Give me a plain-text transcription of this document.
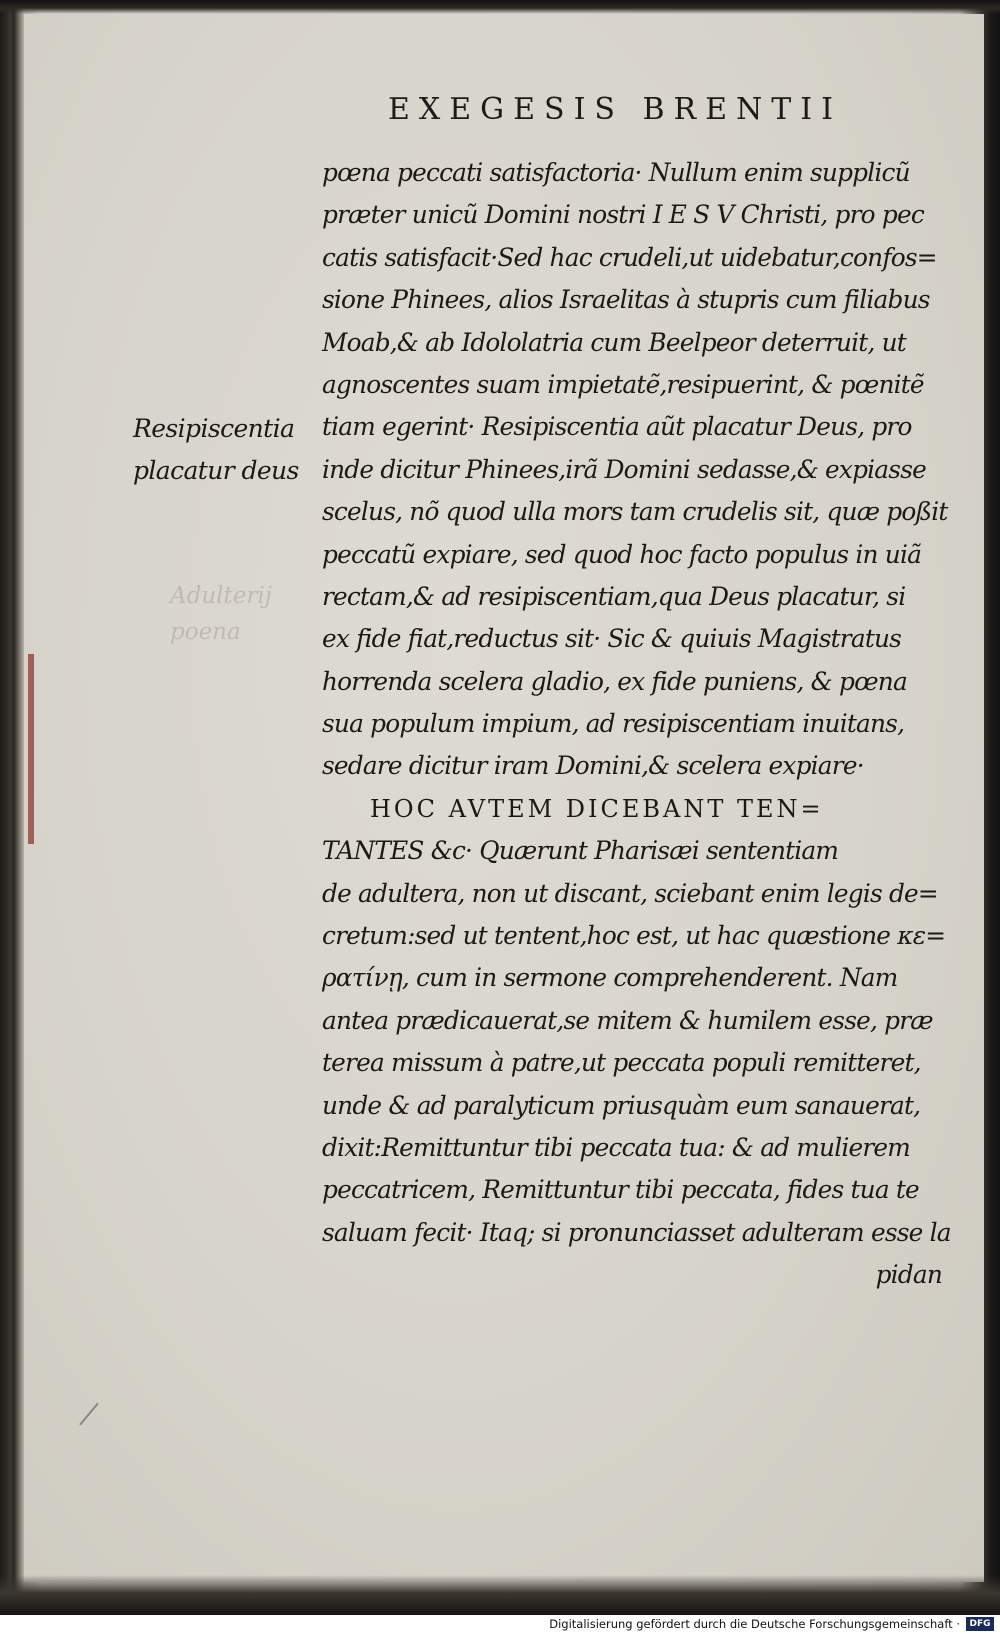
EXEGESIS BRENTII
Resipiscentia
placatur deus
Adulterij
poena
pœna peccati satisfactoria· Nullum enim supplicũ
præter unicũ Domini nostri I E S V Christi, pro pec
catis satisfacit·Sed hac crudeli,ut uidebatur,confos=
sione Phinees, alios Israelitas à stupris cum filiabus
Moab,& ab Idololatria cum Beelpeor deterruit, ut
agnoscentes suam impietatẽ,resipuerint, & pœnitẽ
tiam egerint· Resipiscentia aũt placatur Deus, pro
inde dicitur Phinees,irã Domini sedasse,& expiasse
scelus, nõ quod ulla mors tam crudelis sit, quæ poßit
peccatũ expiare, sed quod hoc facto populus in uiã
rectam,& ad resipiscentiam,qua Deus placatur, si
ex fide fiat,reductus sit· Sic & quiuis Magistratus
horrenda scelera gladio, ex fide puniens, & pœna
sua populum impium, ad resipiscentiam inuitans,
sedare dicitur iram Domini,& scelera expiare·
HOC AVTEM DICEBANT TEN=
TANTES &c· Quærunt Pharisæi sententiam
de adultera, non ut discant, sciebant enim legis de=
cretum:sed ut tentent,hoc est, ut hac quæstione κε=
ρατίνῃ, cum in sermone comprehenderent. Nam
antea prædicauerat,se mitem & humilem esse, præ
terea missum à patre,ut peccata populi remitteret,
unde & ad paralyticum priusquàm eum sanauerat,
dixit:Remittuntur tibi peccata tua: & ad mulierem
peccatricem, Remittuntur tibi peccata, fides tua te
saluam fecit· Itaq; si pronunciasset adulteram esse la
pidan
Digitalisierung gefördert durch die Deutsche Forschungsgemeinschaft ·	DFG
